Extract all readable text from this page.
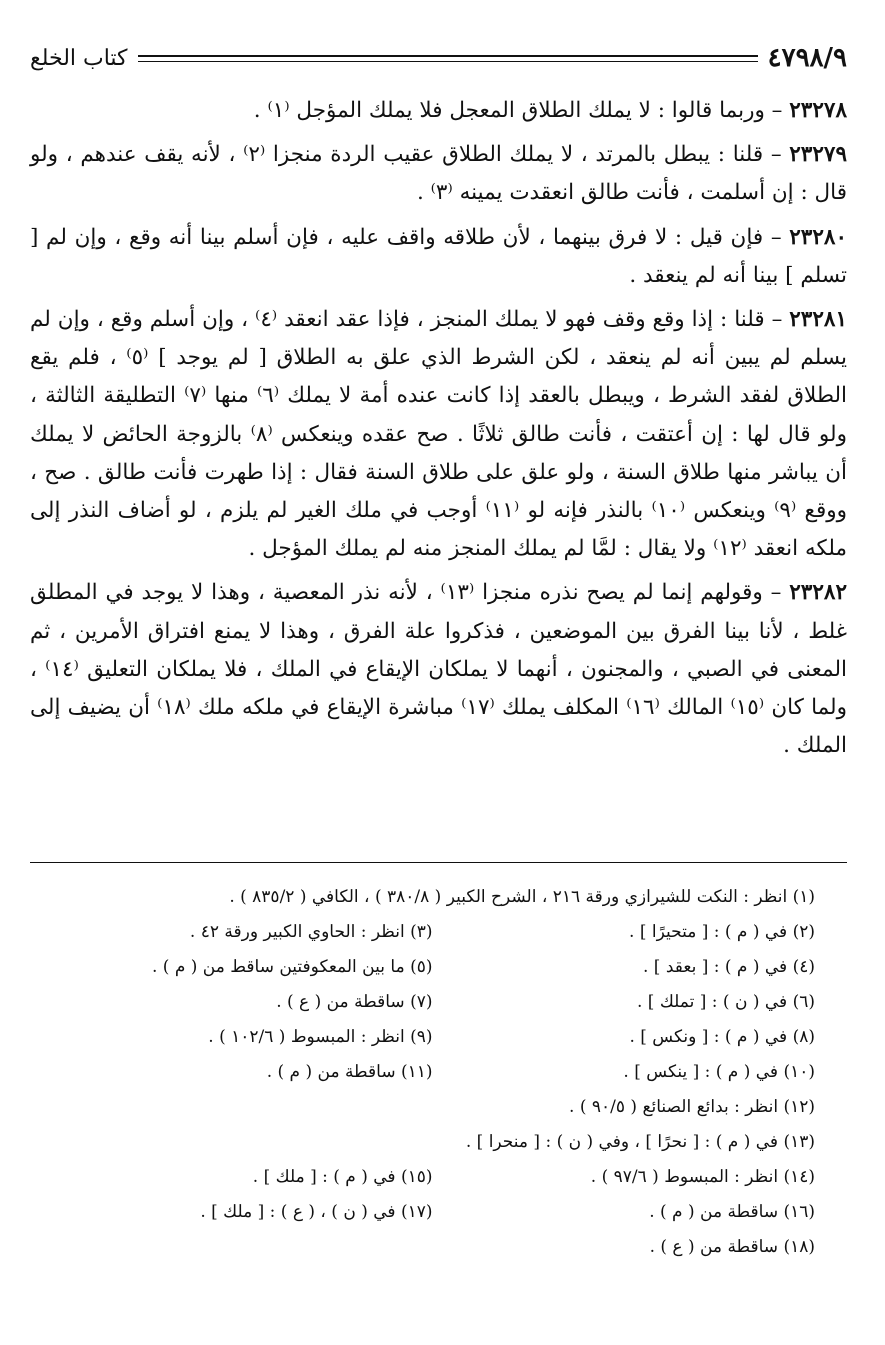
كتاب الخلع	٤٧٩٨/٩

٢٣٢٧٨ – وربما قالوا : لا يملك الطلاق المعجل فلا يملك المؤجل ⁽١⁾ .

٢٣٢٧٩ – قلنا : يبطل بالمرتد ، لا يملك الطلاق عقيب الردة منجزا ⁽٢⁾ ، لأنه يقف عندهم ، ولو قال : إن أسلمت ، فأنت طالق انعقدت يمينه ⁽٣⁾ .

٢٣٢٨٠ – فإن قيل : لا فرق بينهما ، لأن طلاقه واقف عليه ، فإن أسلم بينا أنه وقع ، وإن لم [ تسلم ] بينا أنه لم ينعقد .

٢٣٢٨١ – قلنا : إذا وقع وقف فهو لا يملك المنجز ، فإذا عقد انعقد ⁽٤⁾ ، وإن أسلم وقع ، وإن لم يسلم لم يبين أنه لم ينعقد ، لكن الشرط الذي علق به الطلاق [ لم يوجد ] ⁽٥⁾ ، فلم يقع الطلاق لفقد الشرط ، ويبطل بالعقد إذا كانت عنده أمة لا يملك ⁽٦⁾ منها ⁽٧⁾ التطليقة الثالثة ، ولو قال لها : إن أعتقت ، فأنت طالق ثلاثًا . صح عقده وينعكس ⁽٨⁾ بالزوجة الحائض لا يملك أن يباشر منها طلاق السنة ، ولو علق على طلاق السنة فقال : إذا طهرت فأنت طالق . صح ، ووقع ⁽٩⁾ وينعكس ⁽١٠⁾ بالنذر فإنه لو ⁽١١⁾ أوجب في ملك الغير لم يلزم ، لو أضاف النذر إلى ملكه انعقد ⁽١٢⁾ ولا يقال : لمَّا لم يملك المنجز منه لم يملك المؤجل .

٢٣٢٨٢ – وقولهم إنما لم يصح نذره منجزا ⁽١٣⁾ ، لأنه نذر المعصية ، وهذا لا يوجد في المطلق غلط ، لأنا بينا الفرق بين الموضعين ، فذكروا علة الفرق ، وهذا لا يمنع افتراق الأمرين ، ثم المعنى في الصبي ، والمجنون ، أنهما لا يملكان الإيقاع في الملك ، فلا يملكان التعليق ⁽١٤⁾ ، ولما كان ⁽١٥⁾ المالك ⁽١٦⁾ المكلف يملك ⁽١٧⁾ مباشرة الإيقاع في ملكه ملك ⁽١٨⁾ أن يضيف إلى الملك .

(١) انظر : النكت للشيرازي ورقة ٢١٦ ، الشرح الكبير ( ٣٨٠/٨ ) ، الكافي ( ٨٣٥/٢ ) .
(٢) في ( م ) : [ متحيرًا ] .
(٣) انظر : الحاوي الكبير ورقة ٤٢ .
(٤) في ( م ) : [ بعقد ] .
(٥) ما بين المعكوفتين ساقط من ( م ) .
(٦) في ( ن ) : [ تملك ] .
(٧) ساقطة من ( ع ) .
(٨) في ( م ) : [ ونكس ] .
(٩) انظر : المبسوط ( ١٠٢/٦ ) .
(١٠) في ( م ) : [ ينكس ] .
(١١) ساقطة من ( م ) .
(١٢) انظر : بدائع الصنائع ( ٩٠/٥ ) .
(١٣) في ( م ) : [ نحرًا ] ، وفي ( ن ) : [ منحرا ] .
(١٤) انظر : المبسوط ( ٩٧/٦ ) .
(١٥) في ( م ) : [ ملك ] .
(١٦) ساقطة من ( م ) .
(١٧) في ( ن ) ، ( ع ) : [ ملك ] .
(١٨) ساقطة من ( ع ) .
